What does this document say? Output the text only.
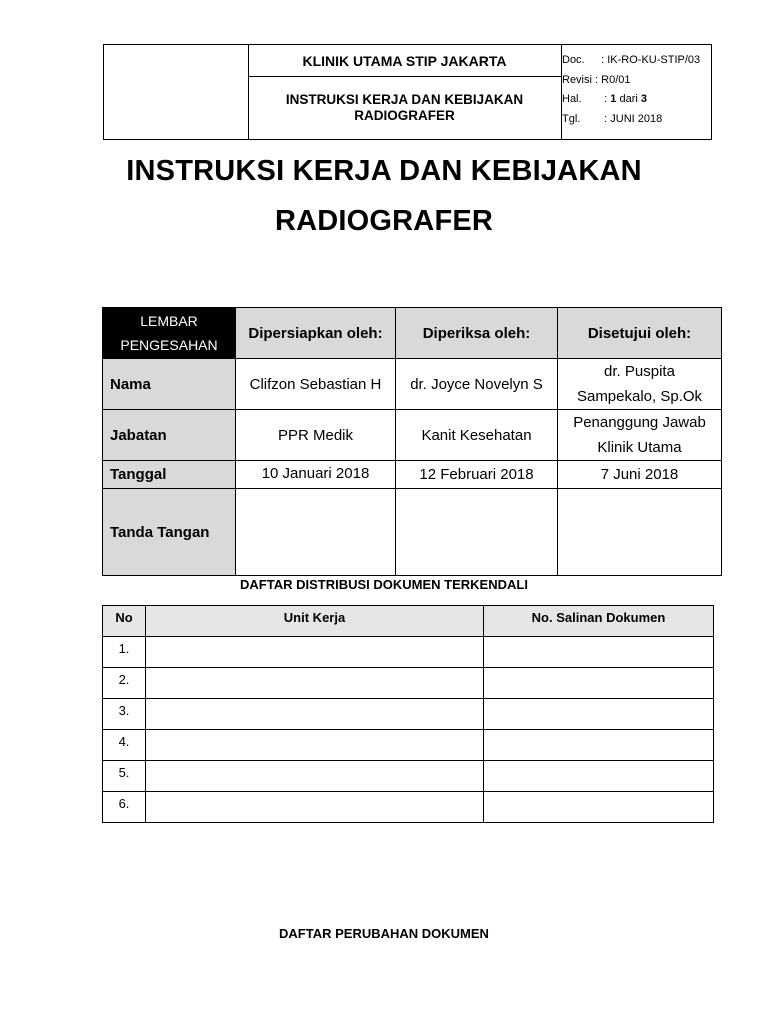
KLINIK UTAMA STIP JAKARTA
INSTRUKSI KERJA DAN KEBIJAKAN
RADIOGRAFER
Doc.
	: IK-RO-KU-STIP/03
Revisi
: R0/01
Hal.
	:
1
dari
3
Tgl.
	: JUNI 2018
INSTRUKSI KERJA DAN KEBIJAKAN
RADIOGRAFER
LEMBAR
PENGESAHAN	Dipersiapkan oleh:	Diperiksa oleh:	Disetujui oleh:
Nama	Clifzon Sebastian H	dr. Joyce Novelyn S	dr. Puspita
Sampekalo, Sp.Ok

Jabatan	PPR Medik	Kanit Kesehatan	Penanggung Jawab
Klinik Utama

Tanggal	10 Januari 2018	12 Februari 2018	7 Juni 2018
Tanda Tangan			
DAFTAR DISTRIBUSI DOKUMEN TERKENDALI
No	Unit Kerja	No. Salinan Dokumen
1.		
2.		
3.		
4.		
5.		
6.		
DAFTAR PERUBAHAN DOKUMEN
